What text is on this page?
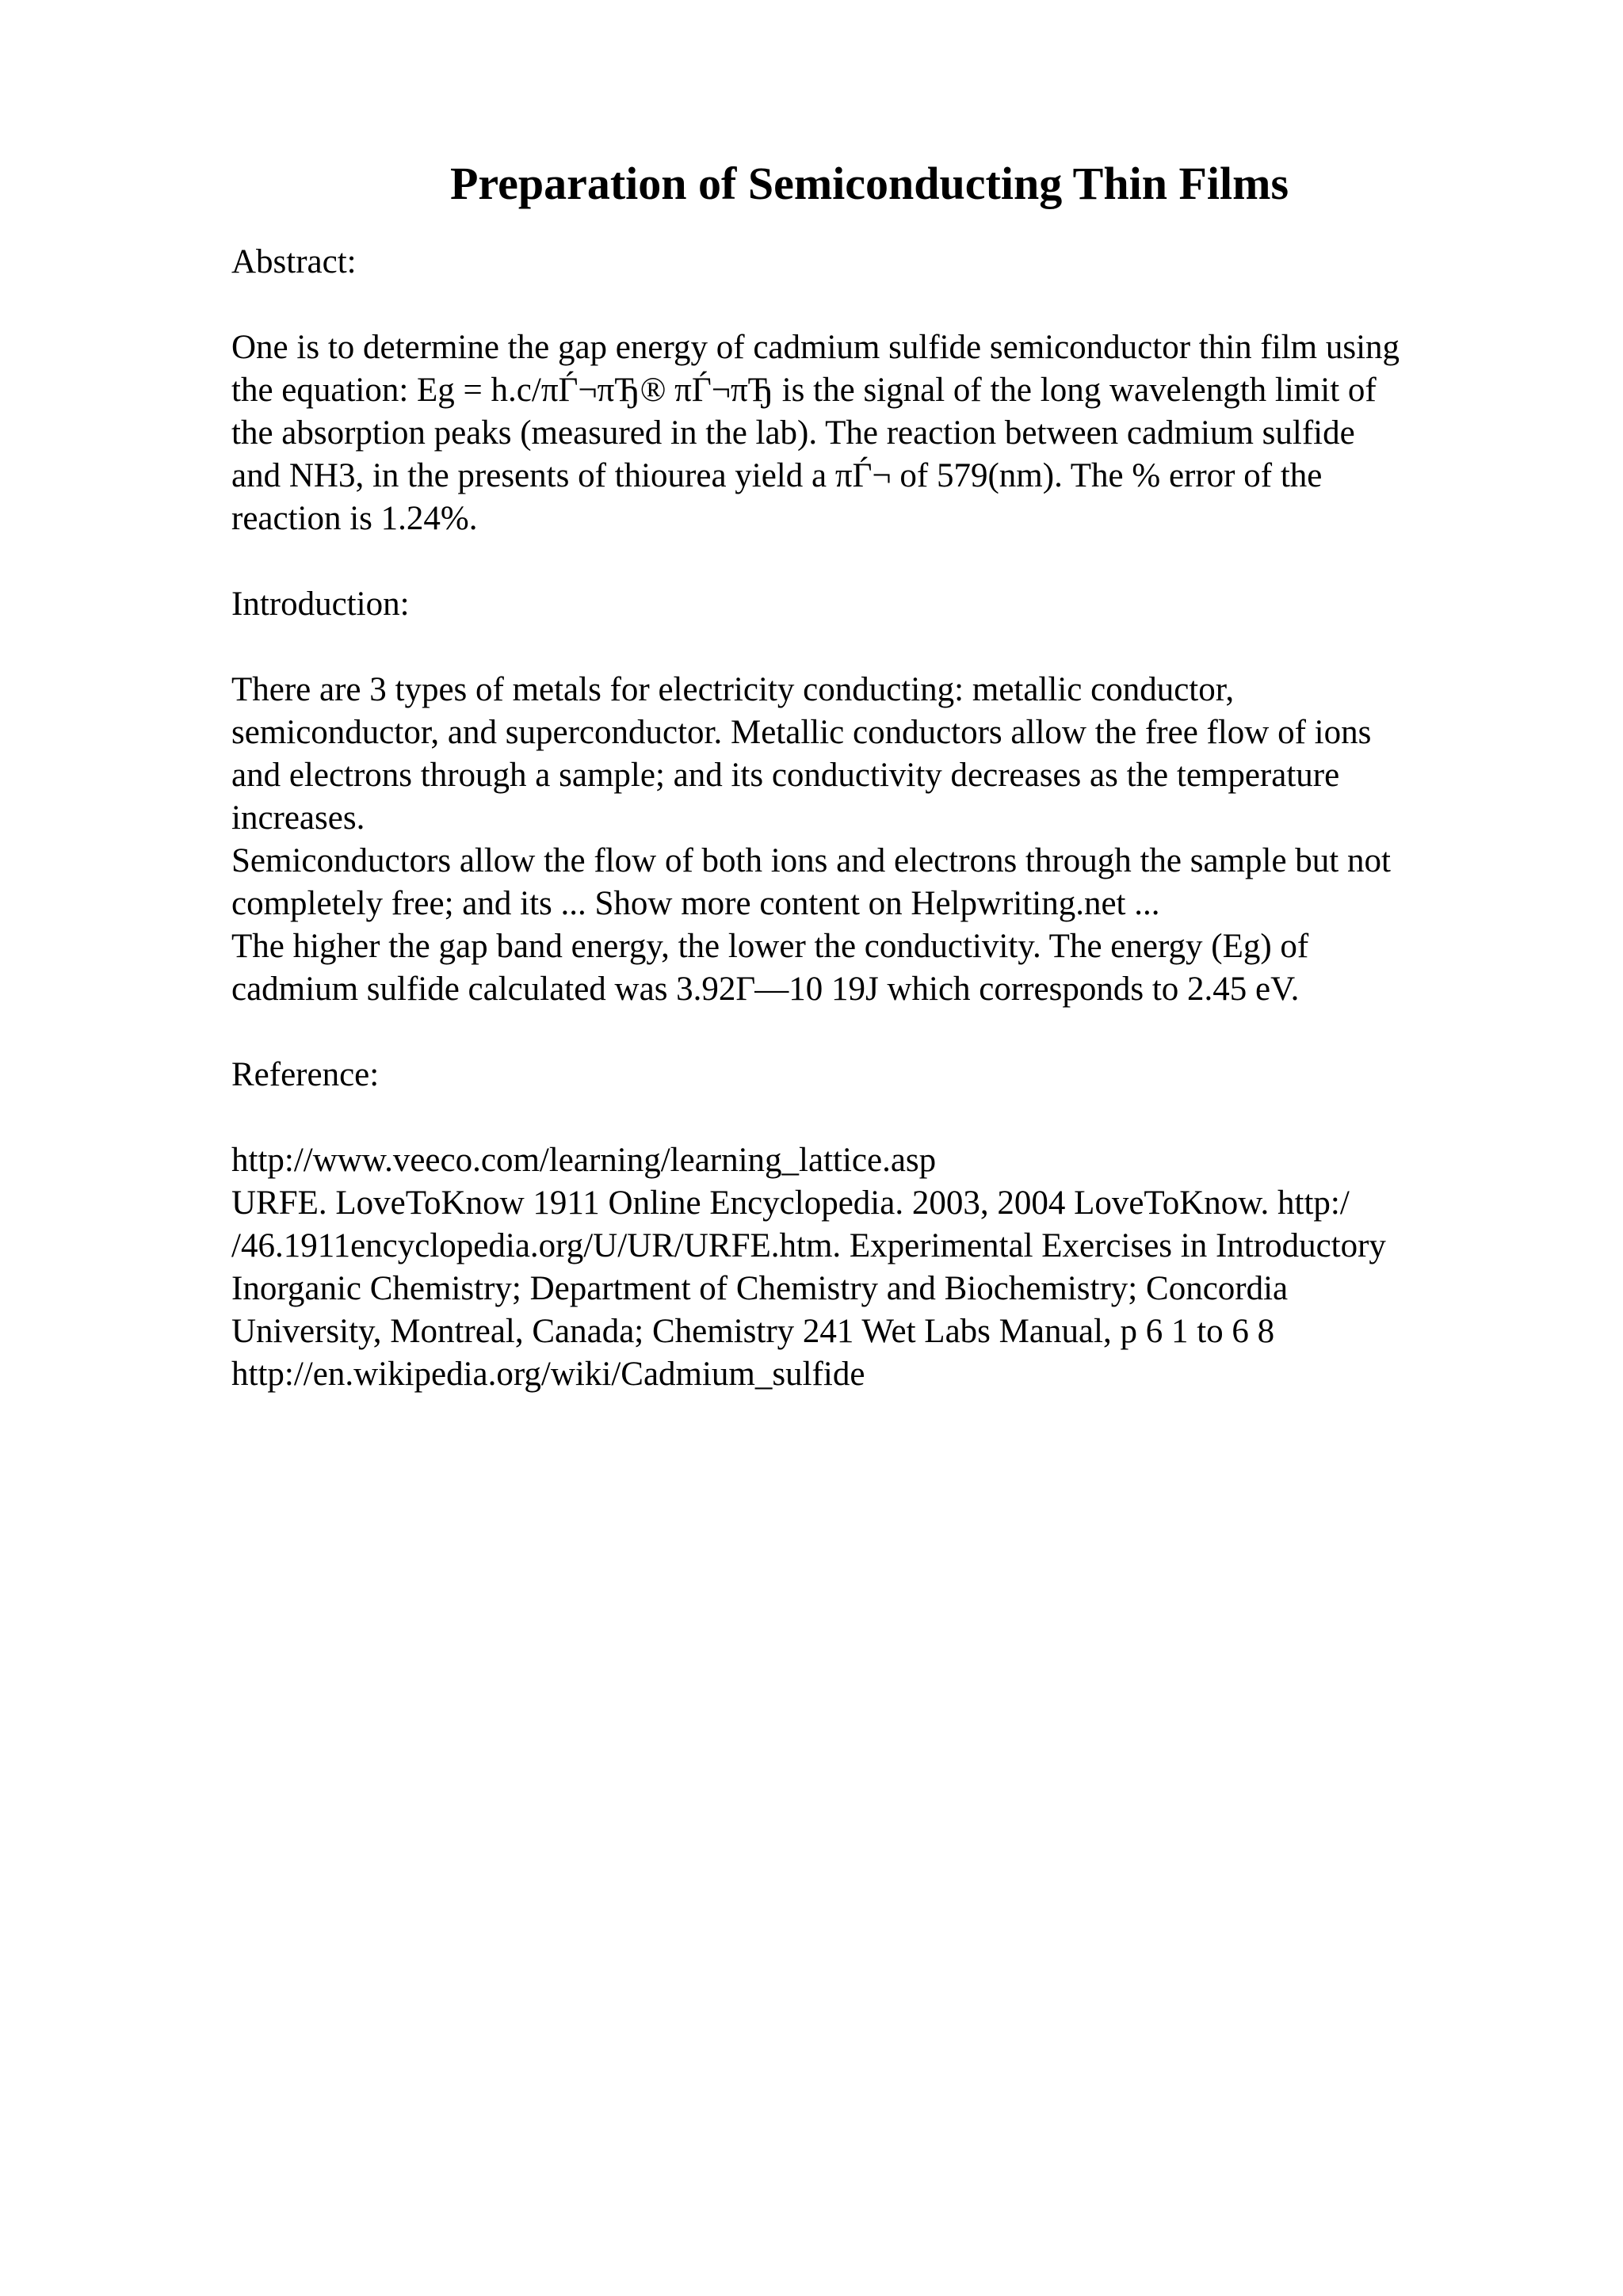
Preparation of Semiconducting Thin Films
Abstract:

One is to determine the gap energy of cadmium sulfide semiconductor thin film using

the equation: Eg = h.c/πЃ¬πЂ® πЃ¬πЂ is the signal of the long wavelength limit of

the absorption peaks (measured in the lab). The reaction between cadmium sulfide

and NH3, in the presents of thiourea yield a πЃ¬ of 579(nm). The % error of the

reaction is 1.24%.

Introduction:

There are 3 types of metals for electricity conducting: metallic conductor,

semiconductor, and superconductor. Metallic conductors allow the free flow of ions

and electrons through a sample; and its conductivity decreases as the temperature

increases.

Semiconductors allow the flow of both ions and electrons through the sample but not

completely free; and its ... Show more content on Helpwriting.net ...

The higher the gap band energy, the lower the conductivity. The energy (Eg) of

cadmium sulfide calculated was 3.92Г—10 19J which corresponds to 2.45 eV.

Reference:

http://www.veeco.com/learning/learning_lattice.asp

URFE. LoveToKnow 1911 Online Encyclopedia. 2003, 2004 LoveToKnow. http:/

/46.1911encyclopedia.org/U/UR/URFE.htm. Experimental Exercises in Introductory

Inorganic Chemistry; Department of Chemistry and Biochemistry; Concordia

University, Montreal, Canada; Chemistry 241 Wet Labs Manual, p 6 1 to 6 8

http://en.wikipedia.org/wiki/Cadmium_sulfide
